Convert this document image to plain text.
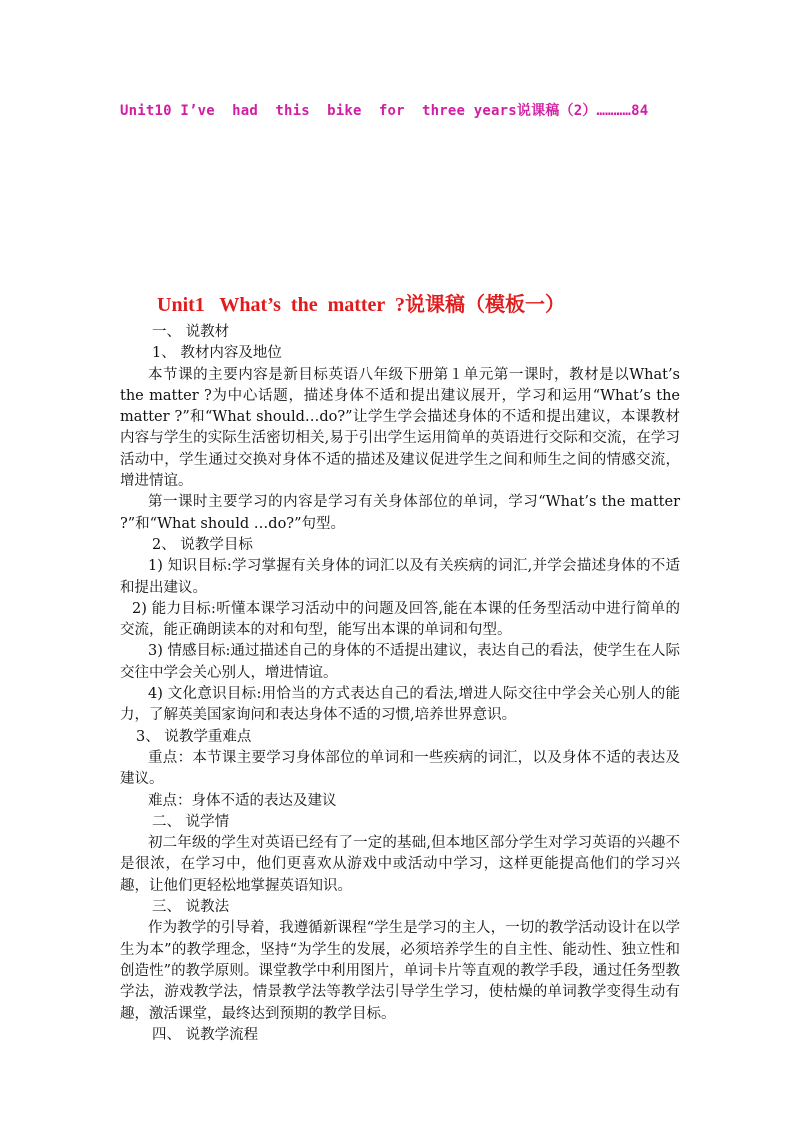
Unit10 I’ve  had  this  bike  for  three years说课稿（2）…………84
Unit1   What’s  the  matter  ?说课稿（模板一）

一、 说教材

1、 教材内容及地位

本节课的主要内容是新目标英语八年级下册第１单元第一课时，教材是以What’s the matter ?为中心话题，描述身体不适和提出建议展开，学习和运用“What’s the matter ?”和“What should…do?”让学生学会描述身体的不适和提出建议，本课教材内容与学生的实际生活密切相关,易于引出学生运用简单的英语进行交际和交流，在学习活动中，学生通过交换对身体不适的描述及建议促进学生之间和师生之间的情感交流，增进情谊。

第一课时主要学习的内容是学习有关身体部位的单词，学习“What’s the matter ?”和“What should …do?”句型。

2、 说教学目标

1) 知识目标:学习掌握有关身体的词汇以及有关疾病的词汇,并学会描述身体的不适和提出建议。

2) 能力目标:听懂本课学习活动中的问题及回答,能在本课的任务型活动中进行简单的交流，能正确朗读本的对和句型，能写出本课的单词和句型。

3) 情感目标:通过描述自己的身体的不适提出建议，表达自己的看法，使学生在人际交往中学会关心别人，增进情谊。

4) 文化意识目标:用恰当的方式表达自己的看法,增进人际交往中学会关心别人的能力，了解英美国家询问和表达身体不适的习惯,培养世界意识。

3、 说教学重难点

重点：本节课主要学习身体部位的单词和一些疾病的词汇，以及身体不适的表达及建议。

难点：身体不适的表达及建议

二、 说学情

初二年级的学生对英语已经有了一定的基础,但本地区部分学生对学习英语的兴趣不是很浓，在学习中，他们更喜欢从游戏中或活动中学习，这样更能提高他们的学习兴趣，让他们更轻松地掌握英语知识。

三、 说教法

作为教学的引导着，我遵循新课程“学生是学习的主人，一切的教学活动设计在以学生为本”的教学理念，坚持“为学生的发展，必须培养学生的自主性、能动性、独立性和创造性”的教学原则。课堂教学中利用图片，单词卡片等直观的教学手段，通过任务型教学法，游戏教学法，情景教学法等教学法引导学生学习，使枯燥的单词教学变得生动有趣，激活课堂，最终达到预期的教学目标。

四、 说教学流程
